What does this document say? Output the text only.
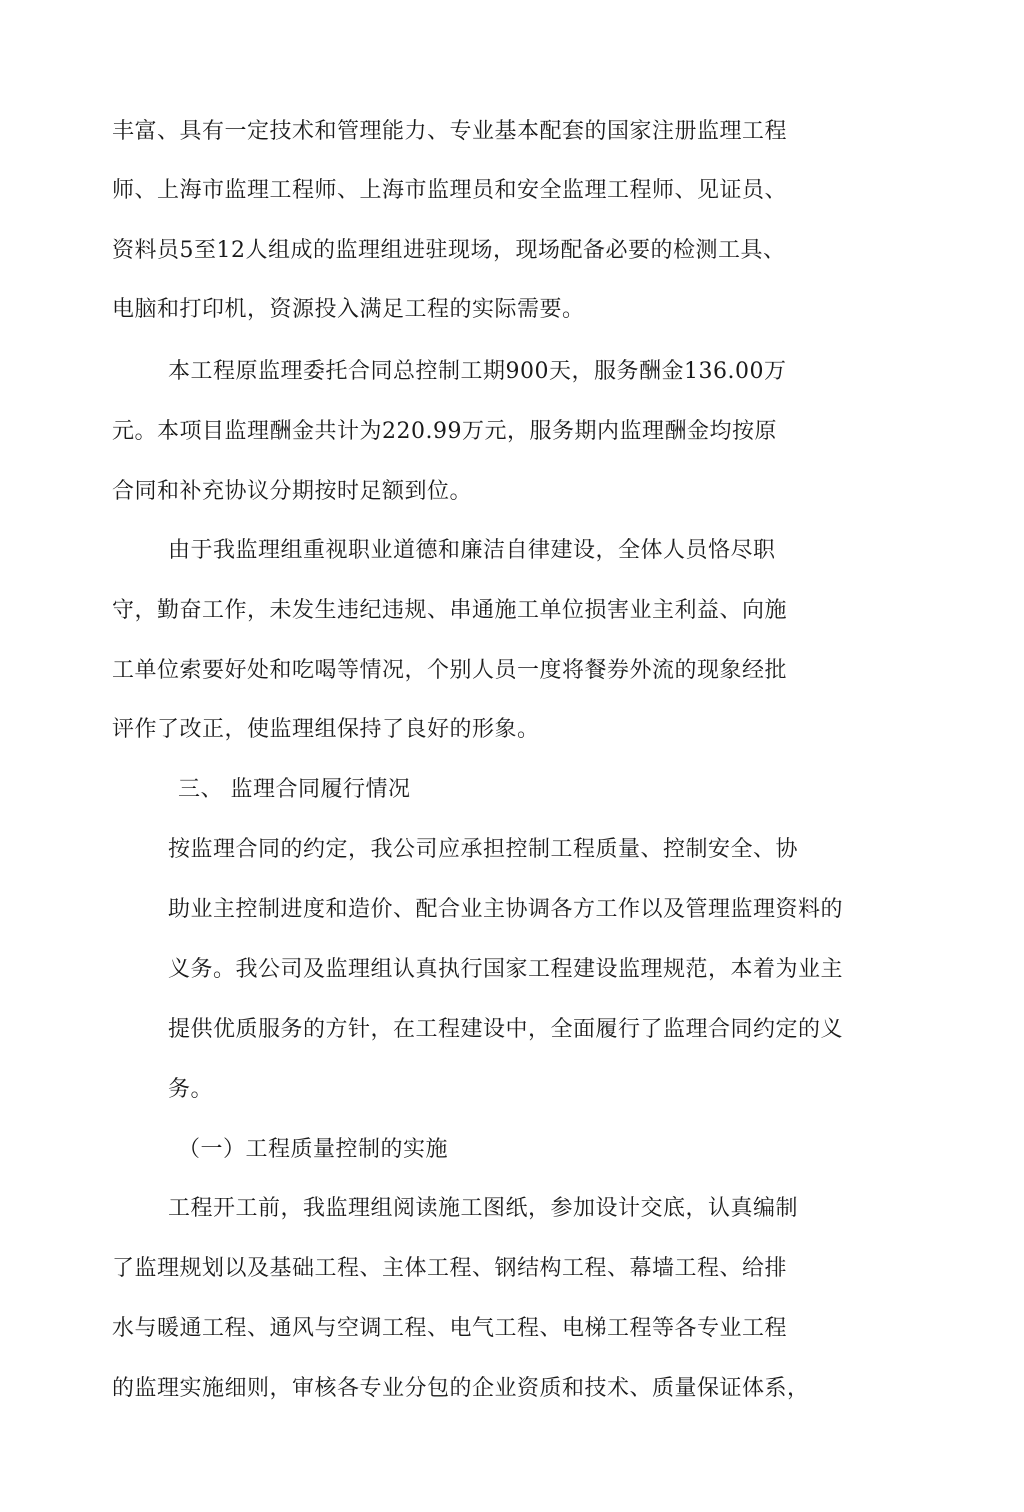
丰富、具有一定技术和管理能力、专业基本配套的国家注册监理工程
师、上海市监理工程师、上海市监理员和安全监理工程师、见证员、
资料员5至12人组成的监理组进驻现场，现场配备必要的检测工具、
电脑和打印机，资源投入满足工程的实际需要。
本工程原监理委托合同总控制工期900天，服务酬金136.00万
元。本项目监理酬金共计为220.99万元，服务期内监理酬金均按原
合同和补充协议分期按时足额到位。
由于我监理组重视职业道德和廉洁自律建设，全体人员恪尽职
守，勤奋工作，未发生违纪违规、串通施工单位损害业主利益、向施
工单位索要好处和吃喝等情况，个别人员一度将餐券外流的现象经批
评作了改正，使监理组保持了良好的形象。
三、 监理合同履行情况
按监理合同的约定，我公司应承担控制工程质量、控制安全、协
助业主控制进度和造价、配合业主协调各方工作以及管理监理资料的
义务。我公司及监理组认真执行国家工程建设监理规范，本着为业主
提供优质服务的方针，在工程建设中，全面履行了监理合同约定的义
务。
（一）工程质量控制的实施
工程开工前，我监理组阅读施工图纸，参加设计交底，认真编制
了监理规划以及基础工程、主体工程、钢结构工程、幕墙工程、给排
水与暖通工程、通风与空调工程、电气工程、电梯工程等各专业工程
的监理实施细则，审核各专业分包的企业资质和技术、质量保证体系，
